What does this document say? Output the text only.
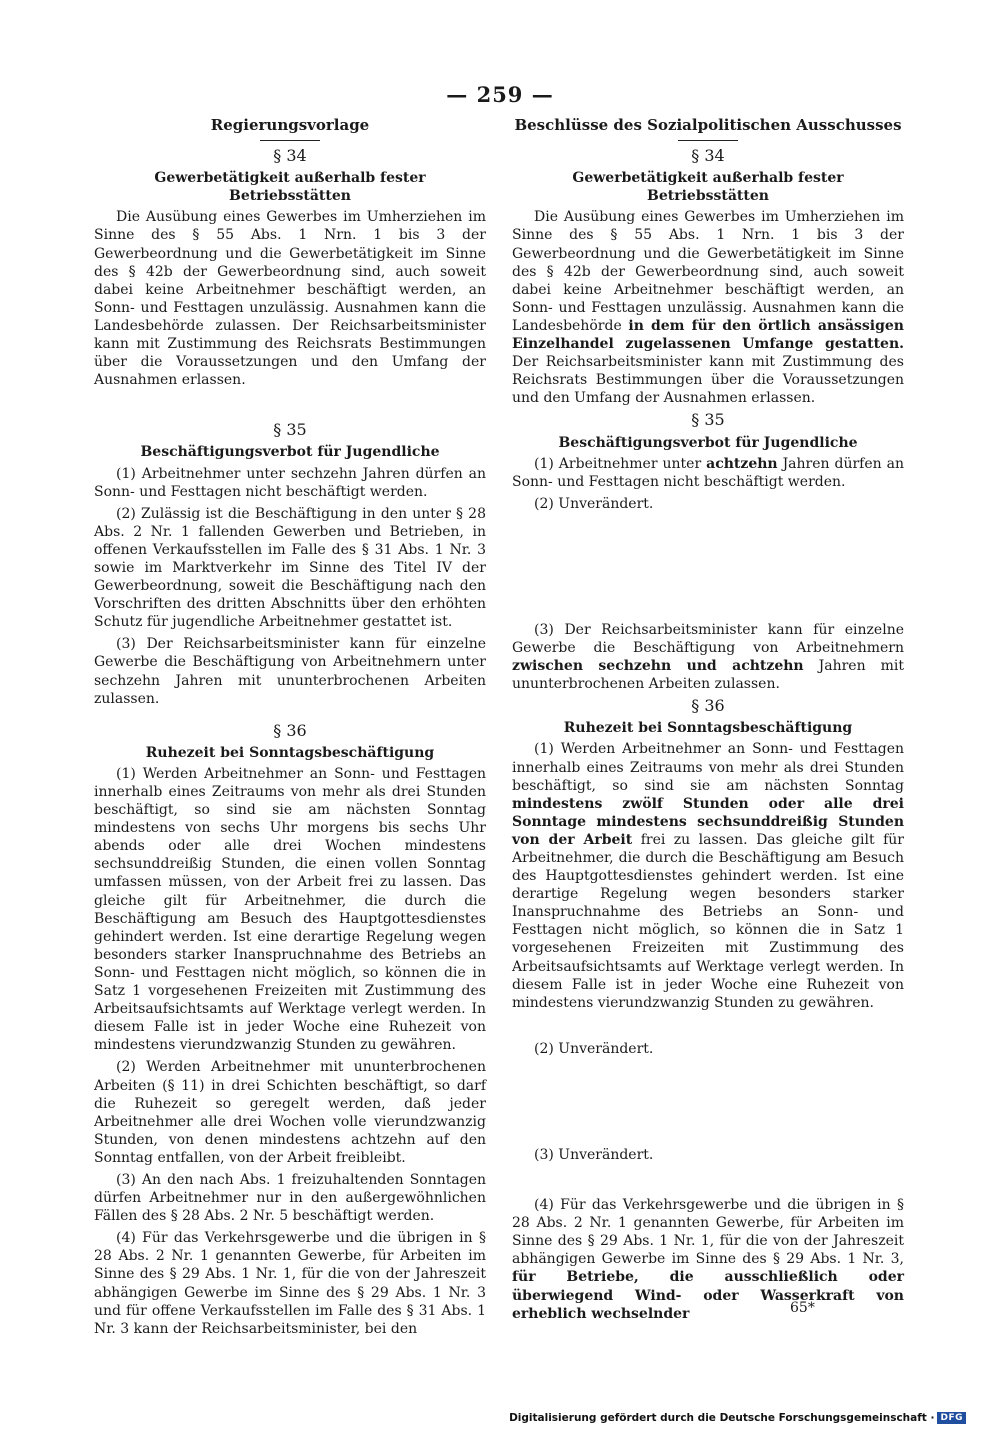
— 259 —
Regierungsvorlage
§ 34
Gewerbetätigkeit außerhalb fester Betriebsstätten

Die Ausübung eines Gewerbes im Umherziehen im Sinne des § 55 Abs. 1 Nrn. 1 bis 3 der Gewerbeordnung und die Gewerbetätigkeit im Sinne des § 42b der Gewerbeordnung sind, auch soweit dabei keine Arbeitnehmer beschäftigt werden, an Sonn- und Festtagen unzulässig. Ausnahmen kann die Landesbehörde zulassen. Der Reichsarbeitsminister kann mit Zustimmung des Reichsrats Bestimmungen über die Voraussetzungen und den Umfang der Ausnahmen erlassen.

§ 35
Beschäftigungsverbot für Jugendliche

(1) Arbeitnehmer unter sechzehn Jahren dürfen an Sonn- und Festtagen nicht beschäftigt werden.

(2) Zulässig ist die Beschäftigung in den unter § 28 Abs. 2 Nr. 1 fallenden Gewerben und Betrieben, in offenen Verkaufsstellen im Falle des § 31 Abs. 1 Nr. 3 sowie im Marktverkehr im Sinne des Titel IV der Gewerbeordnung, soweit die Beschäftigung nach den Vorschriften des dritten Abschnitts über den erhöhten Schutz für jugendliche Arbeitnehmer gestattet ist.

(3) Der Reichsarbeitsminister kann für einzelne Gewerbe die Beschäftigung von Arbeitnehmern unter sechzehn Jahren mit ununterbrochenen Arbeiten zulassen.

§ 36
Ruhezeit bei Sonntagsbeschäftigung

(1) Werden Arbeitnehmer an Sonn- und Festtagen innerhalb eines Zeitraums von mehr als drei Stunden beschäftigt, so sind sie am nächsten Sonntag mindestens von sechs Uhr morgens bis sechs Uhr abends oder alle drei Wochen mindestens sechsunddreißig Stunden, die einen vollen Sonntag umfassen müssen, von der Arbeit frei zu lassen. Das gleiche gilt für Arbeitnehmer, die durch die Beschäftigung am Besuch des Hauptgottesdienstes gehindert werden. Ist eine derartige Regelung wegen besonders starker Inanspruchnahme des Betriebs an Sonn- und Festtagen nicht möglich, so können die in Satz 1 vorgesehenen Freizeiten mit Zustimmung des Arbeitsaufsichtsamts auf Werktage verlegt werden. In diesem Falle ist in jeder Woche eine Ruhezeit von mindestens vierundzwanzig Stunden zu gewähren.

(2) Werden Arbeitnehmer mit ununterbrochenen Arbeiten (§ 11) in drei Schichten beschäftigt, so darf die Ruhezeit so geregelt werden, daß jeder Arbeitnehmer alle drei Wochen volle vierundzwanzig Stunden, von denen mindestens achtzehn auf den Sonntag entfallen, von der Arbeit freibleibt.

(3) An den nach Abs. 1 freizuhaltenden Sonntagen dürfen Arbeitnehmer nur in den außergewöhnlichen Fällen des § 28 Abs. 2 Nr. 5 beschäftigt werden.

(4) Für das Verkehrsgewerbe und die übrigen in § 28 Abs. 2 Nr. 1 genannten Gewerbe, für Arbeiten im Sinne des § 29 Abs. 1 Nr. 1, für die von der Jahreszeit abhängigen Gewerbe im Sinne des § 29 Abs. 1 Nr. 3 und für offene Verkaufsstellen im Falle des § 31 Abs. 1 Nr. 3 kann der Reichsarbeitsminister, bei den

Beschlüsse des Sozialpolitischen Ausschusses
§ 34
Gewerbetätigkeit außerhalb fester Betriebsstätten

Die Ausübung eines Gewerbes im Umherziehen im Sinne des § 55 Abs. 1 Nrn. 1 bis 3 der Gewerbeordnung und die Gewerbetätigkeit im Sinne des § 42b der Gewerbeordnung sind, auch soweit dabei keine Arbeitnehmer beschäftigt werden, an Sonn- und Festtagen unzulässig. Ausnahmen kann die Landesbehörde in dem für den örtlich ansässigen Einzelhandel zugelassenen Umfange gestatten. Der Reichsarbeitsminister kann mit Zustimmung des Reichsrats Bestimmungen über die Voraussetzungen und den Umfang der Ausnahmen erlassen.

§ 35
Beschäftigungsverbot für Jugendliche

(1) Arbeitnehmer unter achtzehn Jahren dürfen an Sonn- und Festtagen nicht beschäftigt werden.

(2) Unverändert.

(3) Der Reichsarbeitsminister kann für einzelne Gewerbe die Beschäftigung von Arbeitnehmern zwischen sechzehn und achtzehn Jahren mit ununterbrochenen Arbeiten zulassen.

§ 36
Ruhezeit bei Sonntagsbeschäftigung

(1) Werden Arbeitnehmer an Sonn- und Festtagen innerhalb eines Zeitraums von mehr als drei Stunden beschäftigt, so sind sie am nächsten Sonntag mindestens zwölf Stunden oder alle drei Sonntage mindestens sechsunddreißig Stunden von der Arbeit frei zu lassen. Das gleiche gilt für Arbeitnehmer, die durch die Beschäftigung am Besuch des Hauptgottesdienstes gehindert werden. Ist eine derartige Regelung wegen besonders starker Inanspruchnahme des Betriebs an Sonn- und Festtagen nicht möglich, so können die in Satz 1 vorgesehenen Freizeiten mit Zustimmung des Arbeitsaufsichtsamts auf Werktage verlegt werden. In diesem Falle ist in jeder Woche eine Ruhezeit von mindestens vierundzwanzig Stunden zu gewähren.

(2) Unverändert.

(3) Unverändert.

(4) Für das Verkehrsgewerbe und die übrigen in § 28 Abs. 2 Nr. 1 genannten Gewerbe, für Arbeiten im Sinne des § 29 Abs. 1 Nr. 1, für die von der Jahreszeit abhängigen Gewerbe im Sinne des § 29 Abs. 1 Nr. 3, für Betriebe, die ausschließlich oder überwiegend Wind- oder Wasserkraft von erheblich wechselnder	65*
Digitalisierung gefördert durch die Deutsche Forschungsgemeinschaft · DFG
